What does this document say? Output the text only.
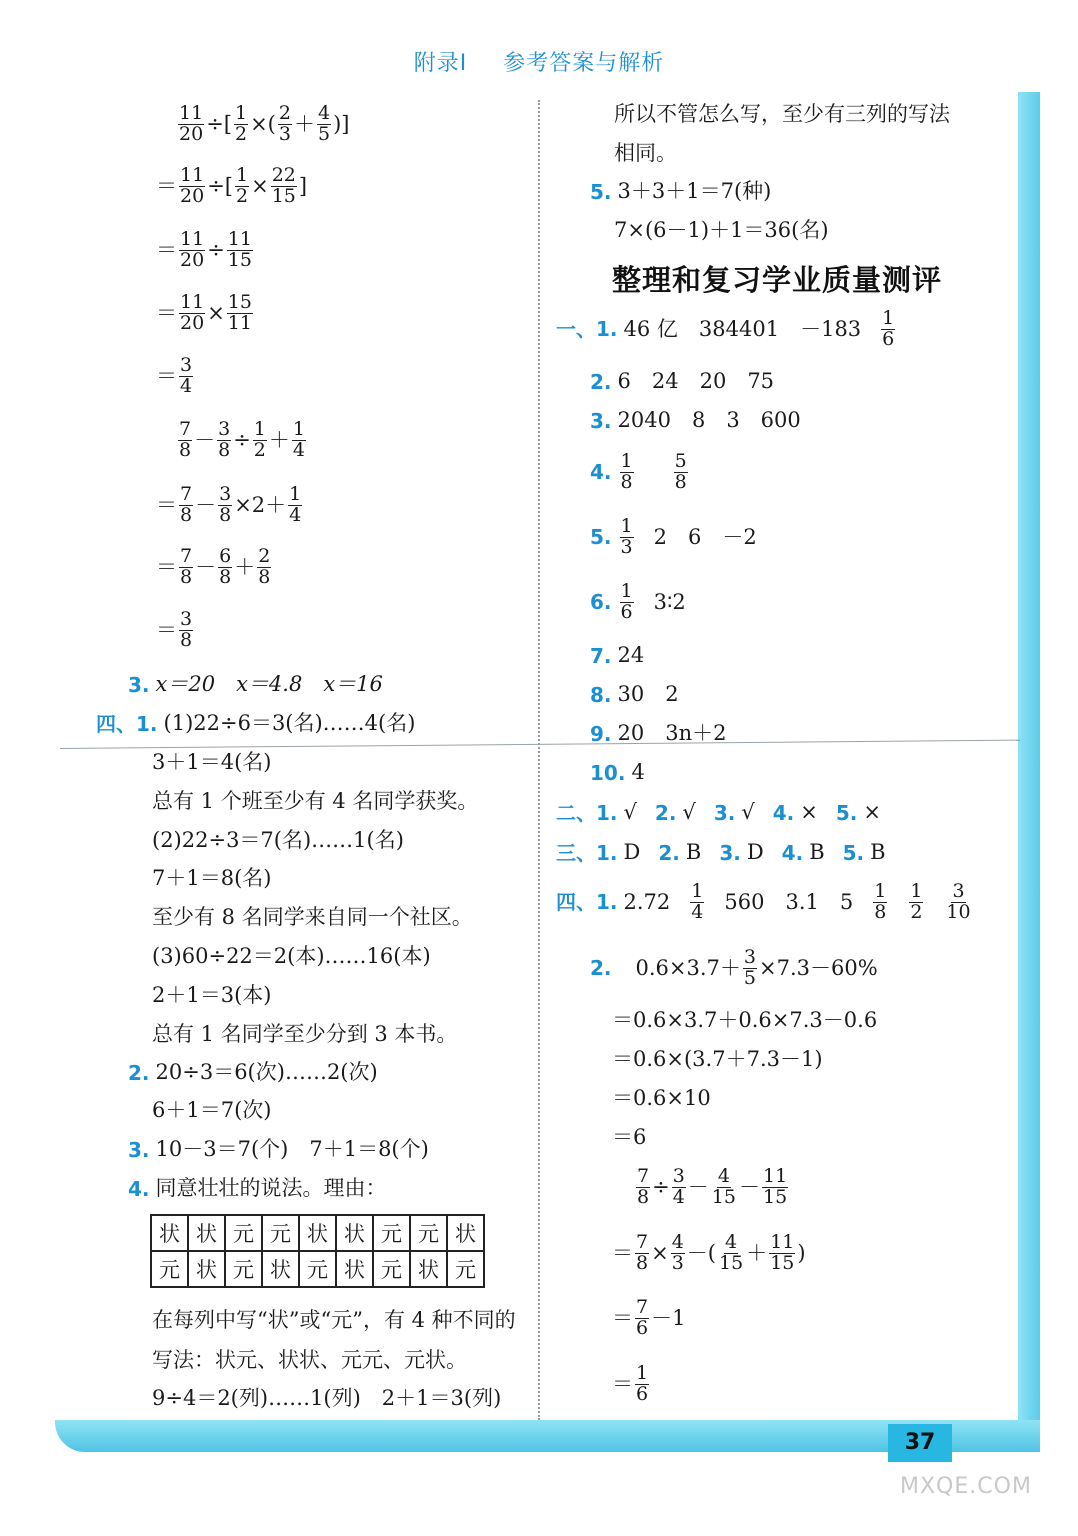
附录Ⅰ 参考答案与解析
$\frac{11}{20}$ ÷[ $\frac{1}{2}$ ×( $\frac{2}{3} + \frac{4}{5}$ )]
＝ $\frac{11}{20}$ ÷[ $\frac{1}{2} \times \frac{22}{15}$ ]
＝ $\frac{11}{20} \div \frac{11}{15}$
＝ $\frac{11}{20} \times \frac{15}{11}$
＝ $\frac{3}{4}$
$\frac{7}{8} - \frac{3}{8} \div \frac{1}{2} + \frac{1}{4}$
＝ $\frac{7}{8} - \frac{3}{8} \times 2+ \frac{1}{4}$
＝ $\frac{7}{8} - \frac{6}{8} + \frac{2}{8}$
＝ $\frac{3}{8}$
3. x＝20　x＝4.8　x＝16
四、1. (1)22÷6＝3(名)……4(名)
3＋1＝4(名)
总有 1 个班至少有 4 名同学获奖。
(2)22÷3＝7(名)……1(名)
7＋1＝8(名)
至少有 8 名同学来自同一个社区。
(3)60÷22＝2(本)……16(本)
2＋1＝3(本)
总有 1 名同学至少分到 3 本书。
2. 20÷3＝6(次)……2(次)
6＋1＝7(次)
3. 10－3＝7(个)　7＋1＝8(个)
4. 同意壮壮的说法。理由：
状	状	元	元	状	状	元	元	状
元	状	元	状	元	状	元	状	元
在每列中写“状”或“元”，有 4 种不同的
写法：状元、状状、元元、元状。
9÷4＝2(列)……1(列)　2＋1＝3(列)
所以不管怎么写，至少有三列的写法
相同。
5. 3＋3＋1＝7(种)
7×(6－1)＋1＝36(名)
整理和复习学业质量测评
一、1. 46 亿　384401　$-183 \frac{1}{6}$
2. 6　24　20　75
3. 2040　8　3　600
4. $\frac{1}{8} \frac{5}{8}$
5. $\frac{1}{3} 2$　6　－2
6. $\frac{1}{6}$ 3∶2
7. 24
8. 30　2
9. 20　3n＋2
10. 4
二、1. √ 2. √ 3. √ 4. × 5. ×
三、1. D 2. B 3. D 4. B 5. B
四、1. $2.72 \frac{1}{4} 560$　3.1　$5 \frac{1}{8} \frac{1}{2} \frac{3}{10}$
2. $0.6\times 3.7+ \frac{3}{5} \times 7.3-60\%$
＝0.6×3.7＋0.6×7.3－0.6
＝0.6×(3.7＋7.3－1)
＝0.6×10
＝6
$\frac{7}{8} \div \frac{3}{4} - \frac{4}{15} - \frac{11}{15}$
＝ $\frac{7}{8} \times \frac{4}{3}$ －( $\frac{4}{15} + \frac{11}{15}$ )
＝ $\frac{7}{6} -1$
＝ $\frac{1}{6}$
37
MXQE.COM
